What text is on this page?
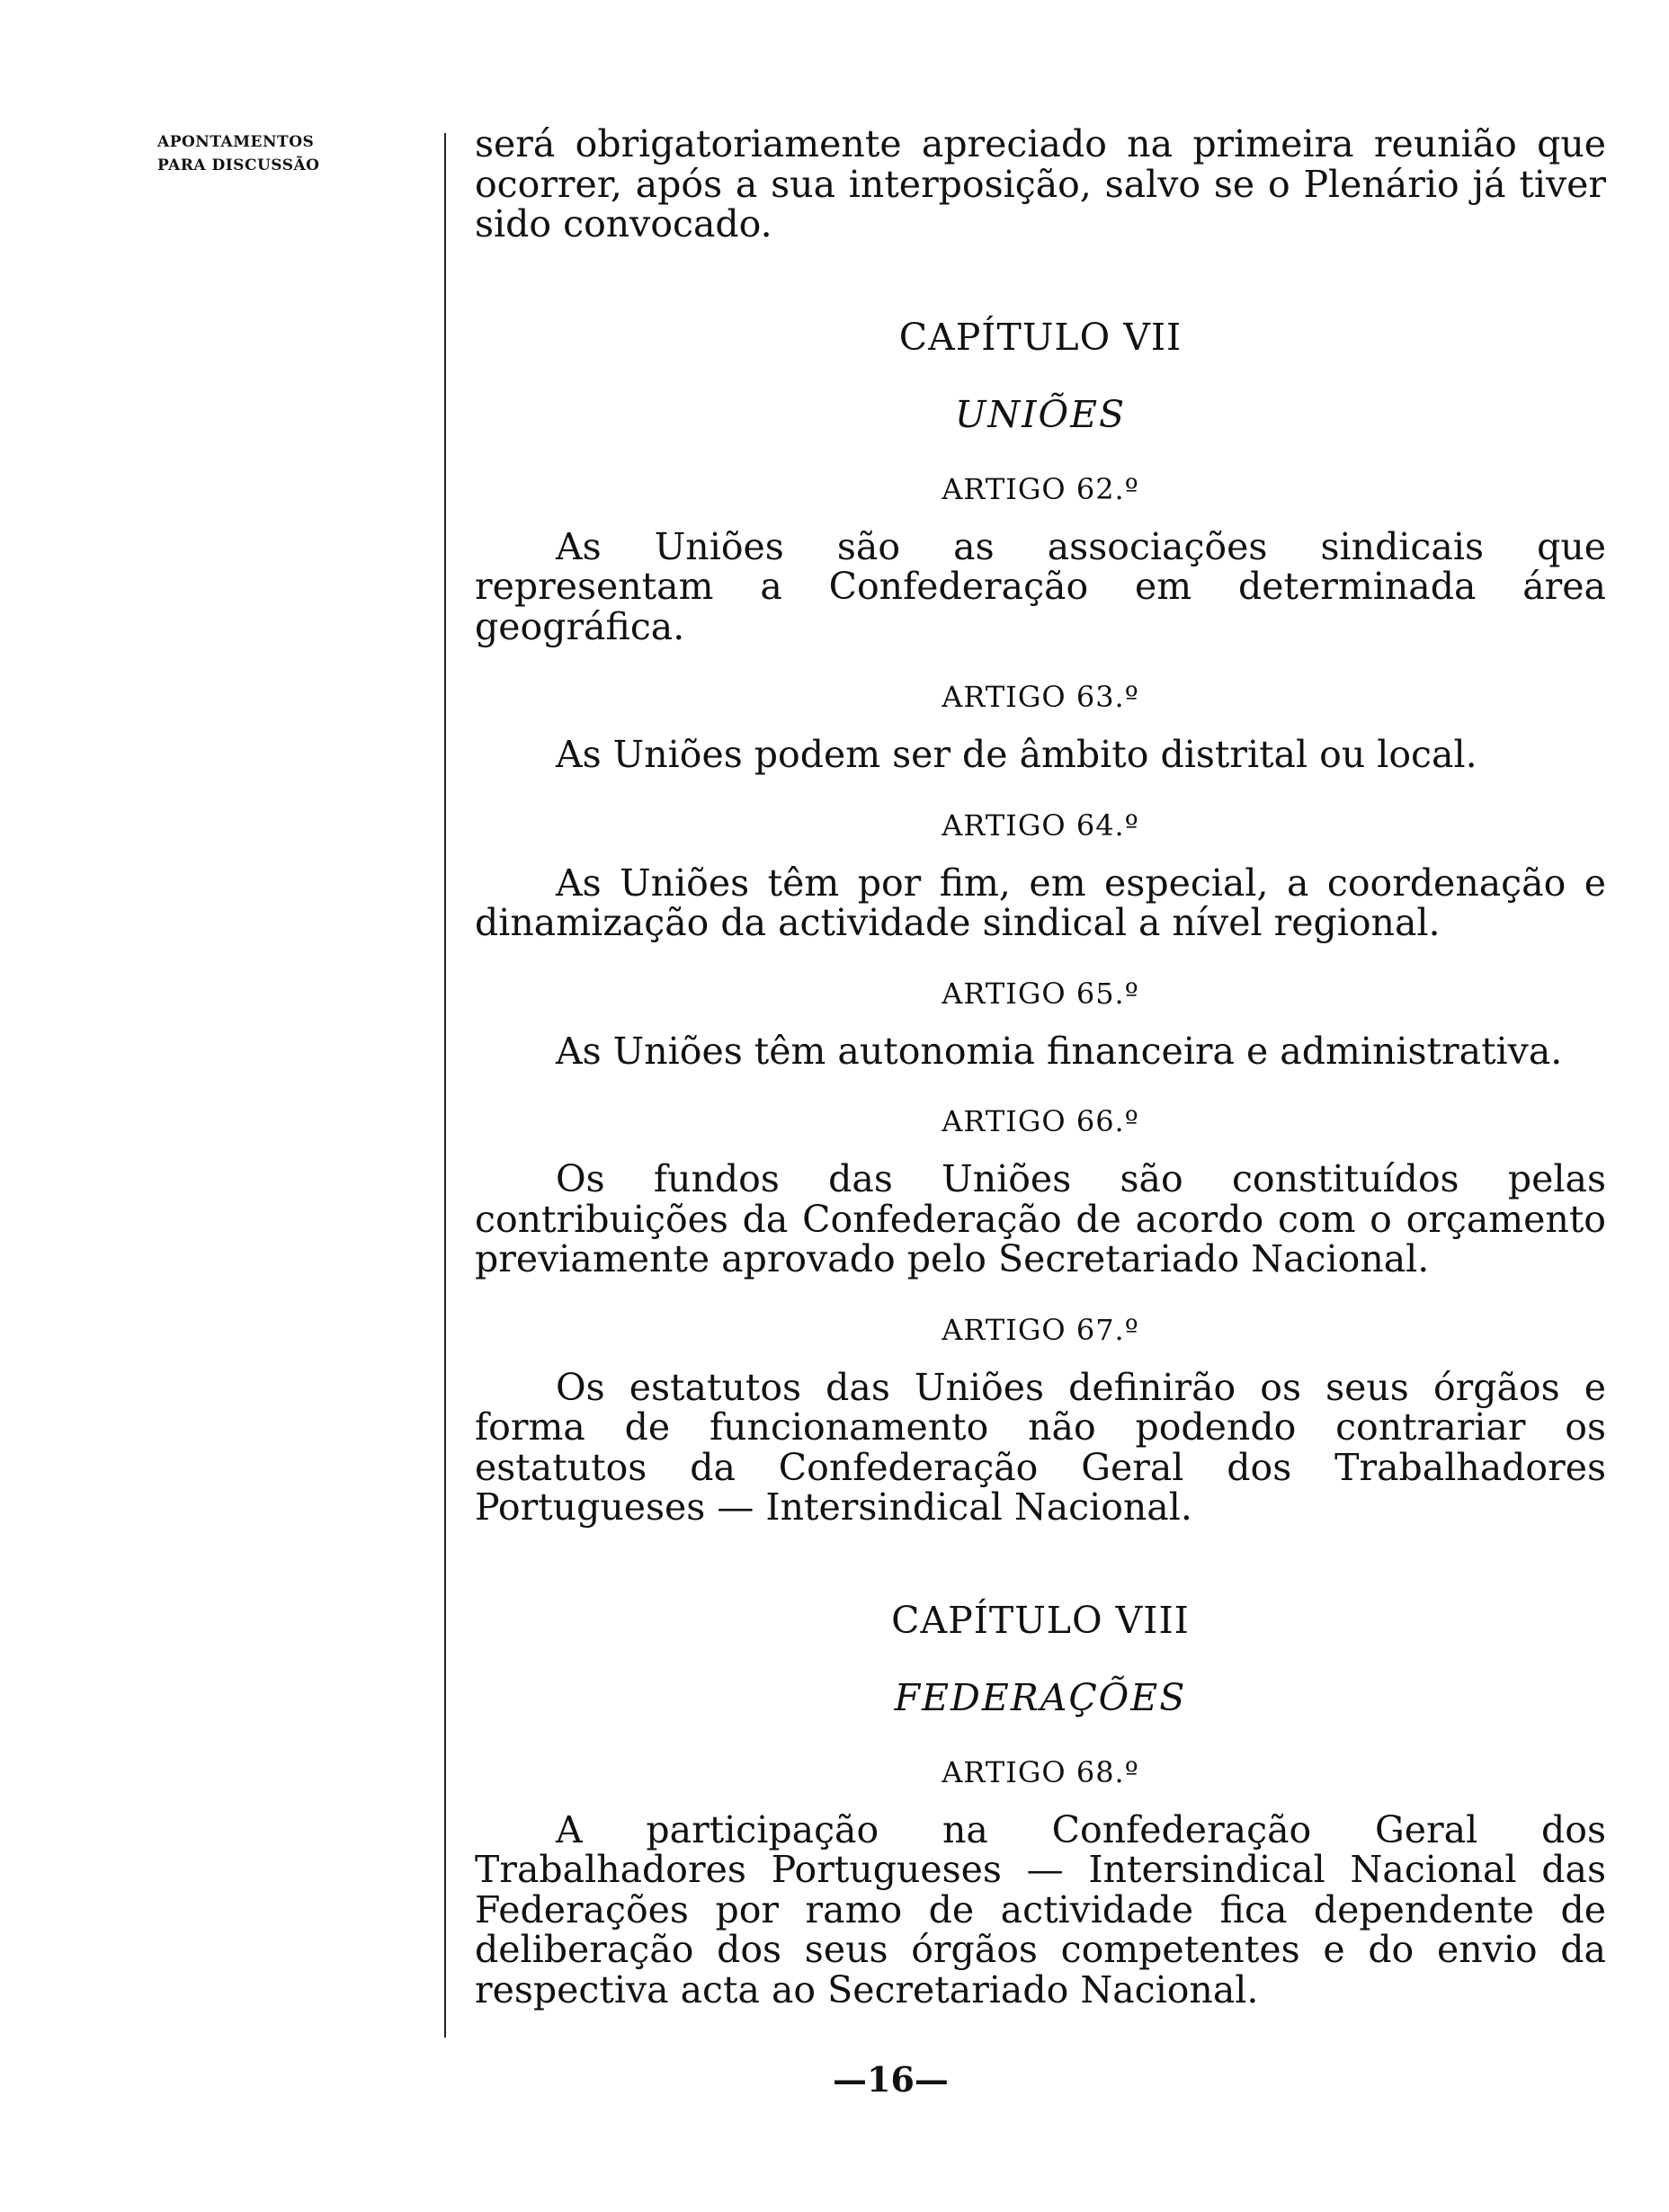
APONTAMENTOS
PARA DISCUSSÃO

será obrigatoriamente apreciado na primeira reunião que ocorrer, após a sua interposição, salvo se o Plenário já tiver sido convocado.

CAPÍTULO VII
UNIÕES
ARTIGO 62.º

As Uniões são as associações sindicais que representam a Confederação em determinada área geográfica.

ARTIGO 63.º

As Uniões podem ser de âmbito distrital ou local.

ARTIGO 64.º

As Uniões têm por fim, em especial, a coordenação e dinamização da actividade sindical a nível regional.

ARTIGO 65.º

As Uniões têm autonomia financeira e administrativa.

ARTIGO 66.º

Os fundos das Uniões são constituídos pelas contribuições da Confederação de acordo com o orçamento previamente aprovado pelo Secretariado Nacional.

ARTIGO 67.º

Os estatutos das Uniões definirão os seus órgãos e forma de funcionamento não podendo contrariar os estatutos da Confederação Geral dos Trabalhadores Portugueses — Intersindical Nacional.

CAPÍTULO VIII
FEDERAÇÕES
ARTIGO 68.º

A participação na Confederação Geral dos Trabalhadores Portugueses — Intersindical Nacional das Federações por ramo de actividade fica dependente de deliberação dos seus órgãos competentes e do envio da respectiva acta ao Secretariado Nacional.

—16—
